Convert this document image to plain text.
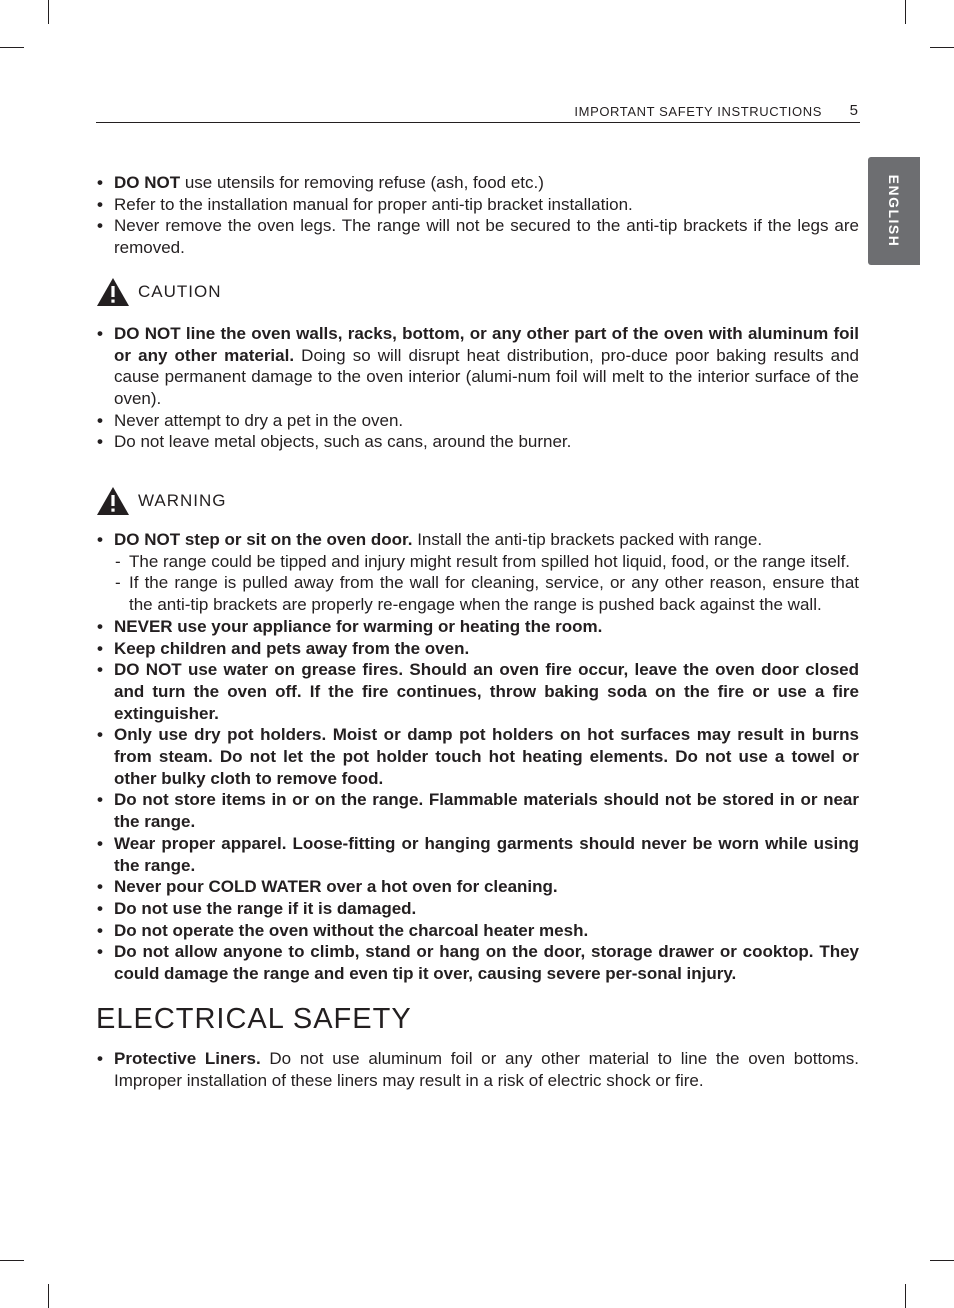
IMPORTANT SAFETY INSTRUCTIONS 5
ENGLISH
• DO NOT use utensils for removing refuse (ash, food etc.)
• Refer to the installation manual for proper anti-tip bracket installation.
• Never remove the oven legs. The range will not be secured to the anti-tip brackets if the legs are removed.
CAUTION
• DO NOT line the oven walls, racks, bottom, or any other part of the oven with aluminum foil or any other material. Doing so will disrupt heat distribution, pro-duce poor baking results and cause permanent damage to the oven interior (alumi-num foil will melt to the interior surface of the oven).
• Never attempt to dry a pet in the oven.
• Do not leave metal objects, such as cans, around the burner.
WARNING
• DO NOT step or sit on the oven door. Install the anti-tip brackets packed with range.
- The range could be tipped and injury might result from spilled hot liquid, food, or the range itself.
- If the range is pulled away from the wall for cleaning, service, or any other reason, ensure that the anti-tip brackets are properly re-engage when the range is pushed back against the wall.
• NEVER use your appliance for warming or heating the room.
• Keep children and pets away from the oven.
• DO NOT use water on grease fires. Should an oven fire occur, leave the oven door closed and turn the oven off. If the fire continues, throw baking soda on the fire or use a fire extinguisher.
• Only use dry pot holders. Moist or damp pot holders on hot surfaces may result in burns from steam. Do not let the pot holder touch hot heating elements. Do not use a towel or other bulky cloth to remove food.
• Do not store items in or on the range. Flammable materials should not be stored in or near the range.
• Wear proper apparel. Loose-fitting or hanging garments should never be worn while using the range.
• Never pour COLD WATER over a hot oven for cleaning.
• Do not use the range if it is damaged.
• Do not operate the oven without the charcoal heater mesh.
• Do not allow anyone to climb, stand or hang on the door, storage drawer or cooktop. They could damage the range and even tip it over, causing severe per-sonal injury.
ELECTRICAL SAFETY
• Protective Liners. Do not use aluminum foil or any other material to line the oven bottoms. Improper installation of these liners may result in a risk of electric shock or fire.
